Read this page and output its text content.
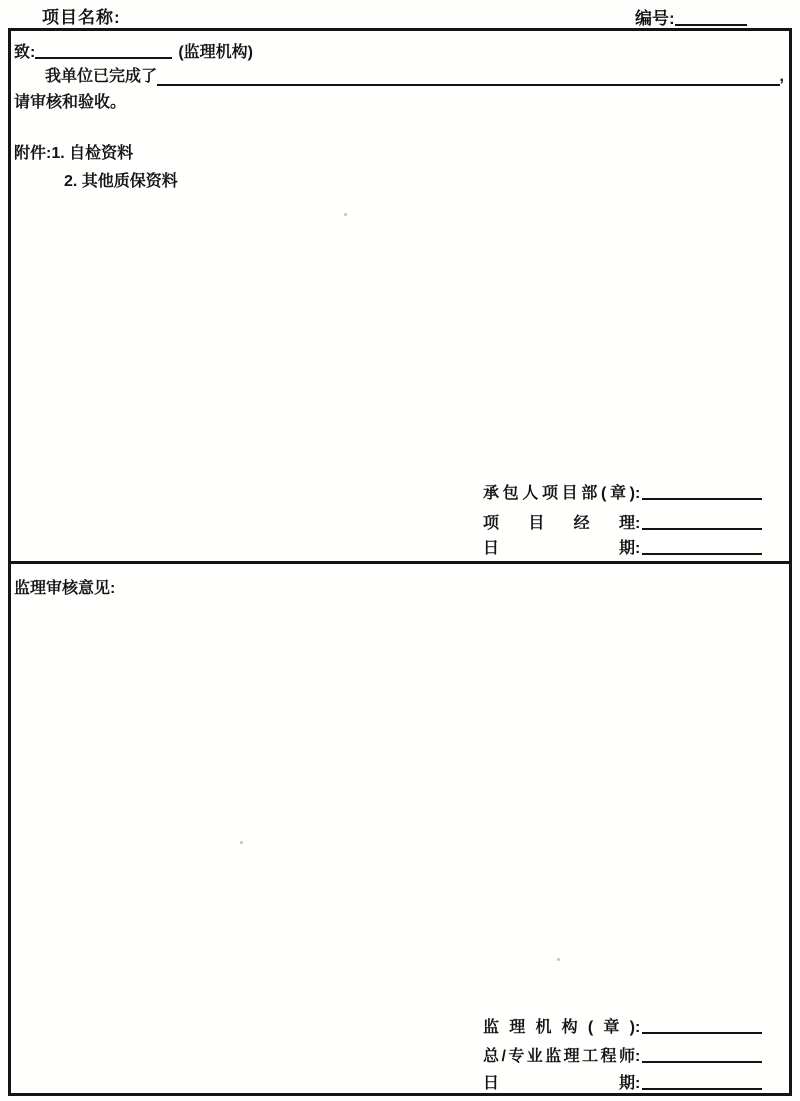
项目名称:	编号:
致:	(监理机构)
我单位已完成了	,
请审核和验收。
附件:1. 自检资料
2. 其他质保资料
承包人项目部(章):
项目经理:
日期:
监理审核意见:
监理机构(章):
总/专业监理工程师:
日期:
